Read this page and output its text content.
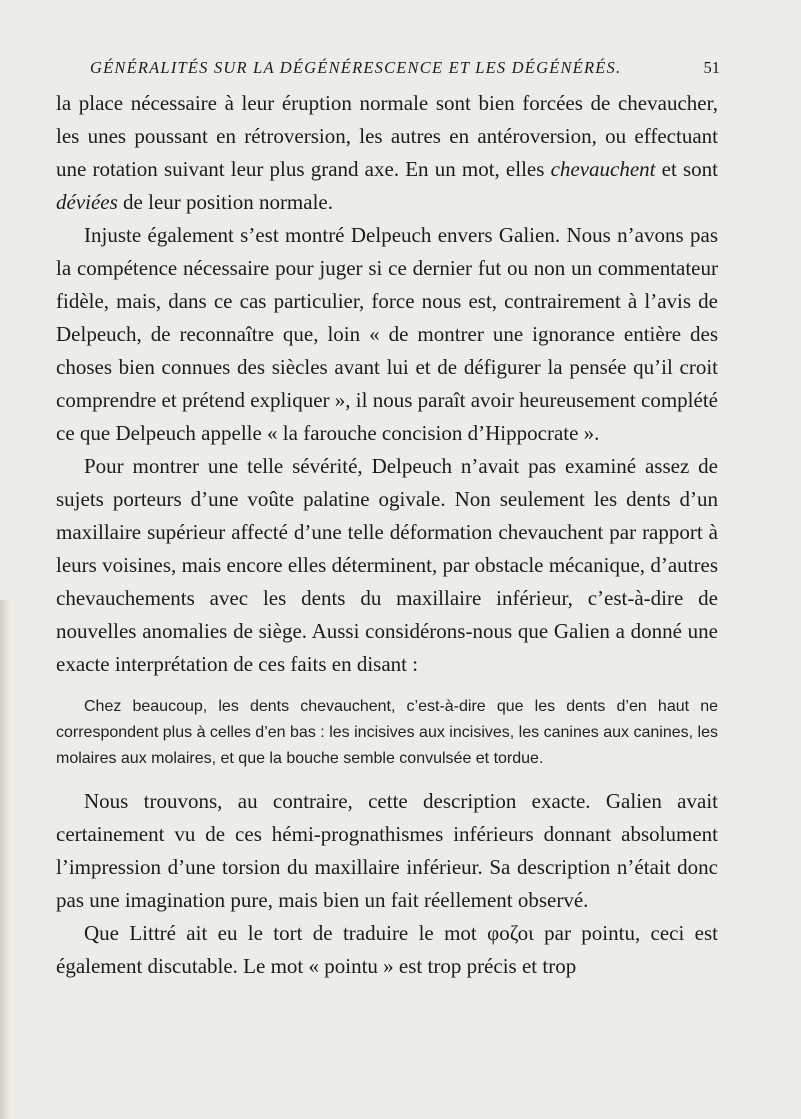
GÉNÉRALITÉS SUR LA DÉGÉNÉRESCENCE ET LES DÉGÉNÉRÉS.	51

la place nécessaire à leur éruption normale sont bien forcées de chevaucher, les unes poussant en rétroversion, les autres en antéroversion, ou effectuant une rotation suivant leur plus grand axe. En un mot, elles chevauchent et sont déviées de leur position normale.

Injuste également s’est montré Delpeuch envers Galien. Nous n’avons pas la compétence nécessaire pour juger si ce dernier fut ou non un commentateur fidèle, mais, dans ce cas particulier, force nous est, contrairement à l’avis de Delpeuch, de reconnaître que, loin « de montrer une ignorance entière des choses bien connues des siècles avant lui et de défigurer la pensée qu’il croit comprendre et prétend expliquer », il nous paraît avoir heureusement complété ce que Delpeuch appelle « la farouche concision d’Hippocrate ».

Pour montrer une telle sévérité, Delpeuch n’avait pas examiné assez de sujets porteurs d’une voûte palatine ogivale. Non seulement les dents d’un maxillaire supérieur affecté d’une telle déformation chevauchent par rapport à leurs voisines, mais encore elles déterminent, par obstacle mécanique, d’autres chevauchements avec les dents du maxillaire inférieur, c’est-à-dire de nouvelles anomalies de siège. Aussi considérons-nous que Galien a donné une exacte interprétation de ces faits en disant :

Chez beaucoup, les dents chevauchent, c’est-à-dire que les dents d’en haut ne correspondent plus à celles d’en bas : les incisives aux incisives, les canines aux canines, les molaires aux molaires, et que la bouche semble convulsée et tordue.

Nous trouvons, au contraire, cette description exacte. Galien avait certainement vu de ces hémi-prognathismes inférieurs donnant absolument l’impression d’une torsion du maxillaire inférieur. Sa description n’était donc pas une imagination pure, mais bien un fait réellement observé.

Que Littré ait eu le tort de traduire le mot φοζοι par pointu, ceci est également discutable. Le mot « pointu » est trop précis et trop
